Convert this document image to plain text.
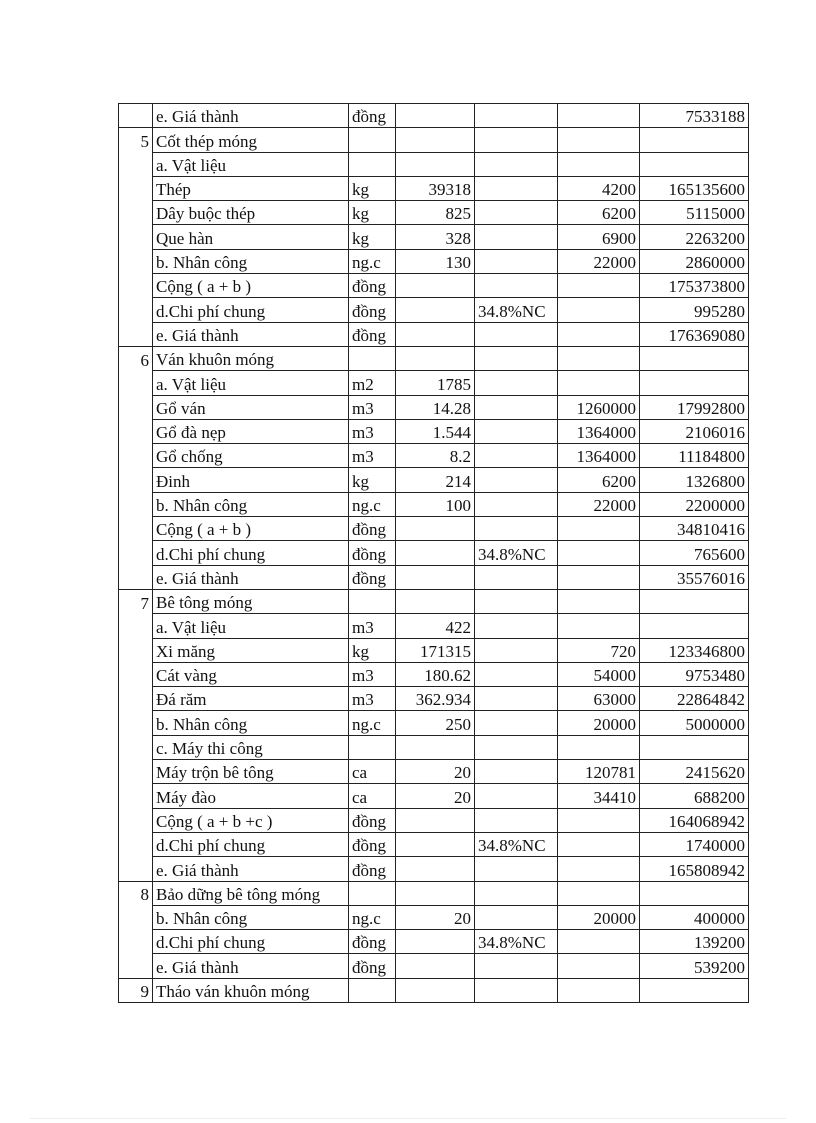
	e. Giá thành	đồng				7533188
5	Cốt thép móng					
	a. Vật liệu					
	Thép	kg	39318		4200	165135600
	Dây buộc thép	kg	825		6200	5115000
	Que hàn	kg	328		6900	2263200
	b. Nhân công	ng.c	130		22000	2860000
	Cộng ( a + b )	đồng				175373800
	d.Chi phí chung	đồng		34.8%NC		995280
	e. Giá thành	đồng				176369080
6	Ván khuôn móng					
	a. Vật liệu	m2	1785			
	Gổ ván	m3	14.28		1260000	17992800
	Gổ đà nẹp	m3	1.544		1364000	2106016
	Gổ chống	m3	8.2		1364000	11184800
	Đinh	kg	214		6200	1326800
	b. Nhân công	ng.c	100		22000	2200000
	Cộng ( a + b )	đồng				34810416
	d.Chi phí chung	đồng		34.8%NC		765600
	e. Giá thành	đồng				35576016
7	Bê tông móng					
	a. Vật liệu	m3	422			
	Xi măng	kg	171315		720	123346800
	Cát vàng	m3	180.62		54000	9753480
	Đá răm	m3	362.934		63000	22864842
	b. Nhân công	ng.c	250		20000	5000000
	c. Máy thi công					
	Máy trộn bê tông	ca	20		120781	2415620
	Máy đào	ca	20		34410	688200
	Cộng ( a + b +c )	đồng				164068942
	d.Chi phí chung	đồng		34.8%NC		1740000
	e. Giá thành	đồng				165808942
8	Bảo dững bê tông móng					
	b. Nhân công	ng.c	20		20000	400000
	d.Chi phí chung	đồng		34.8%NC		139200
	e. Giá thành	đồng				539200
9	Tháo ván khuôn móng					
